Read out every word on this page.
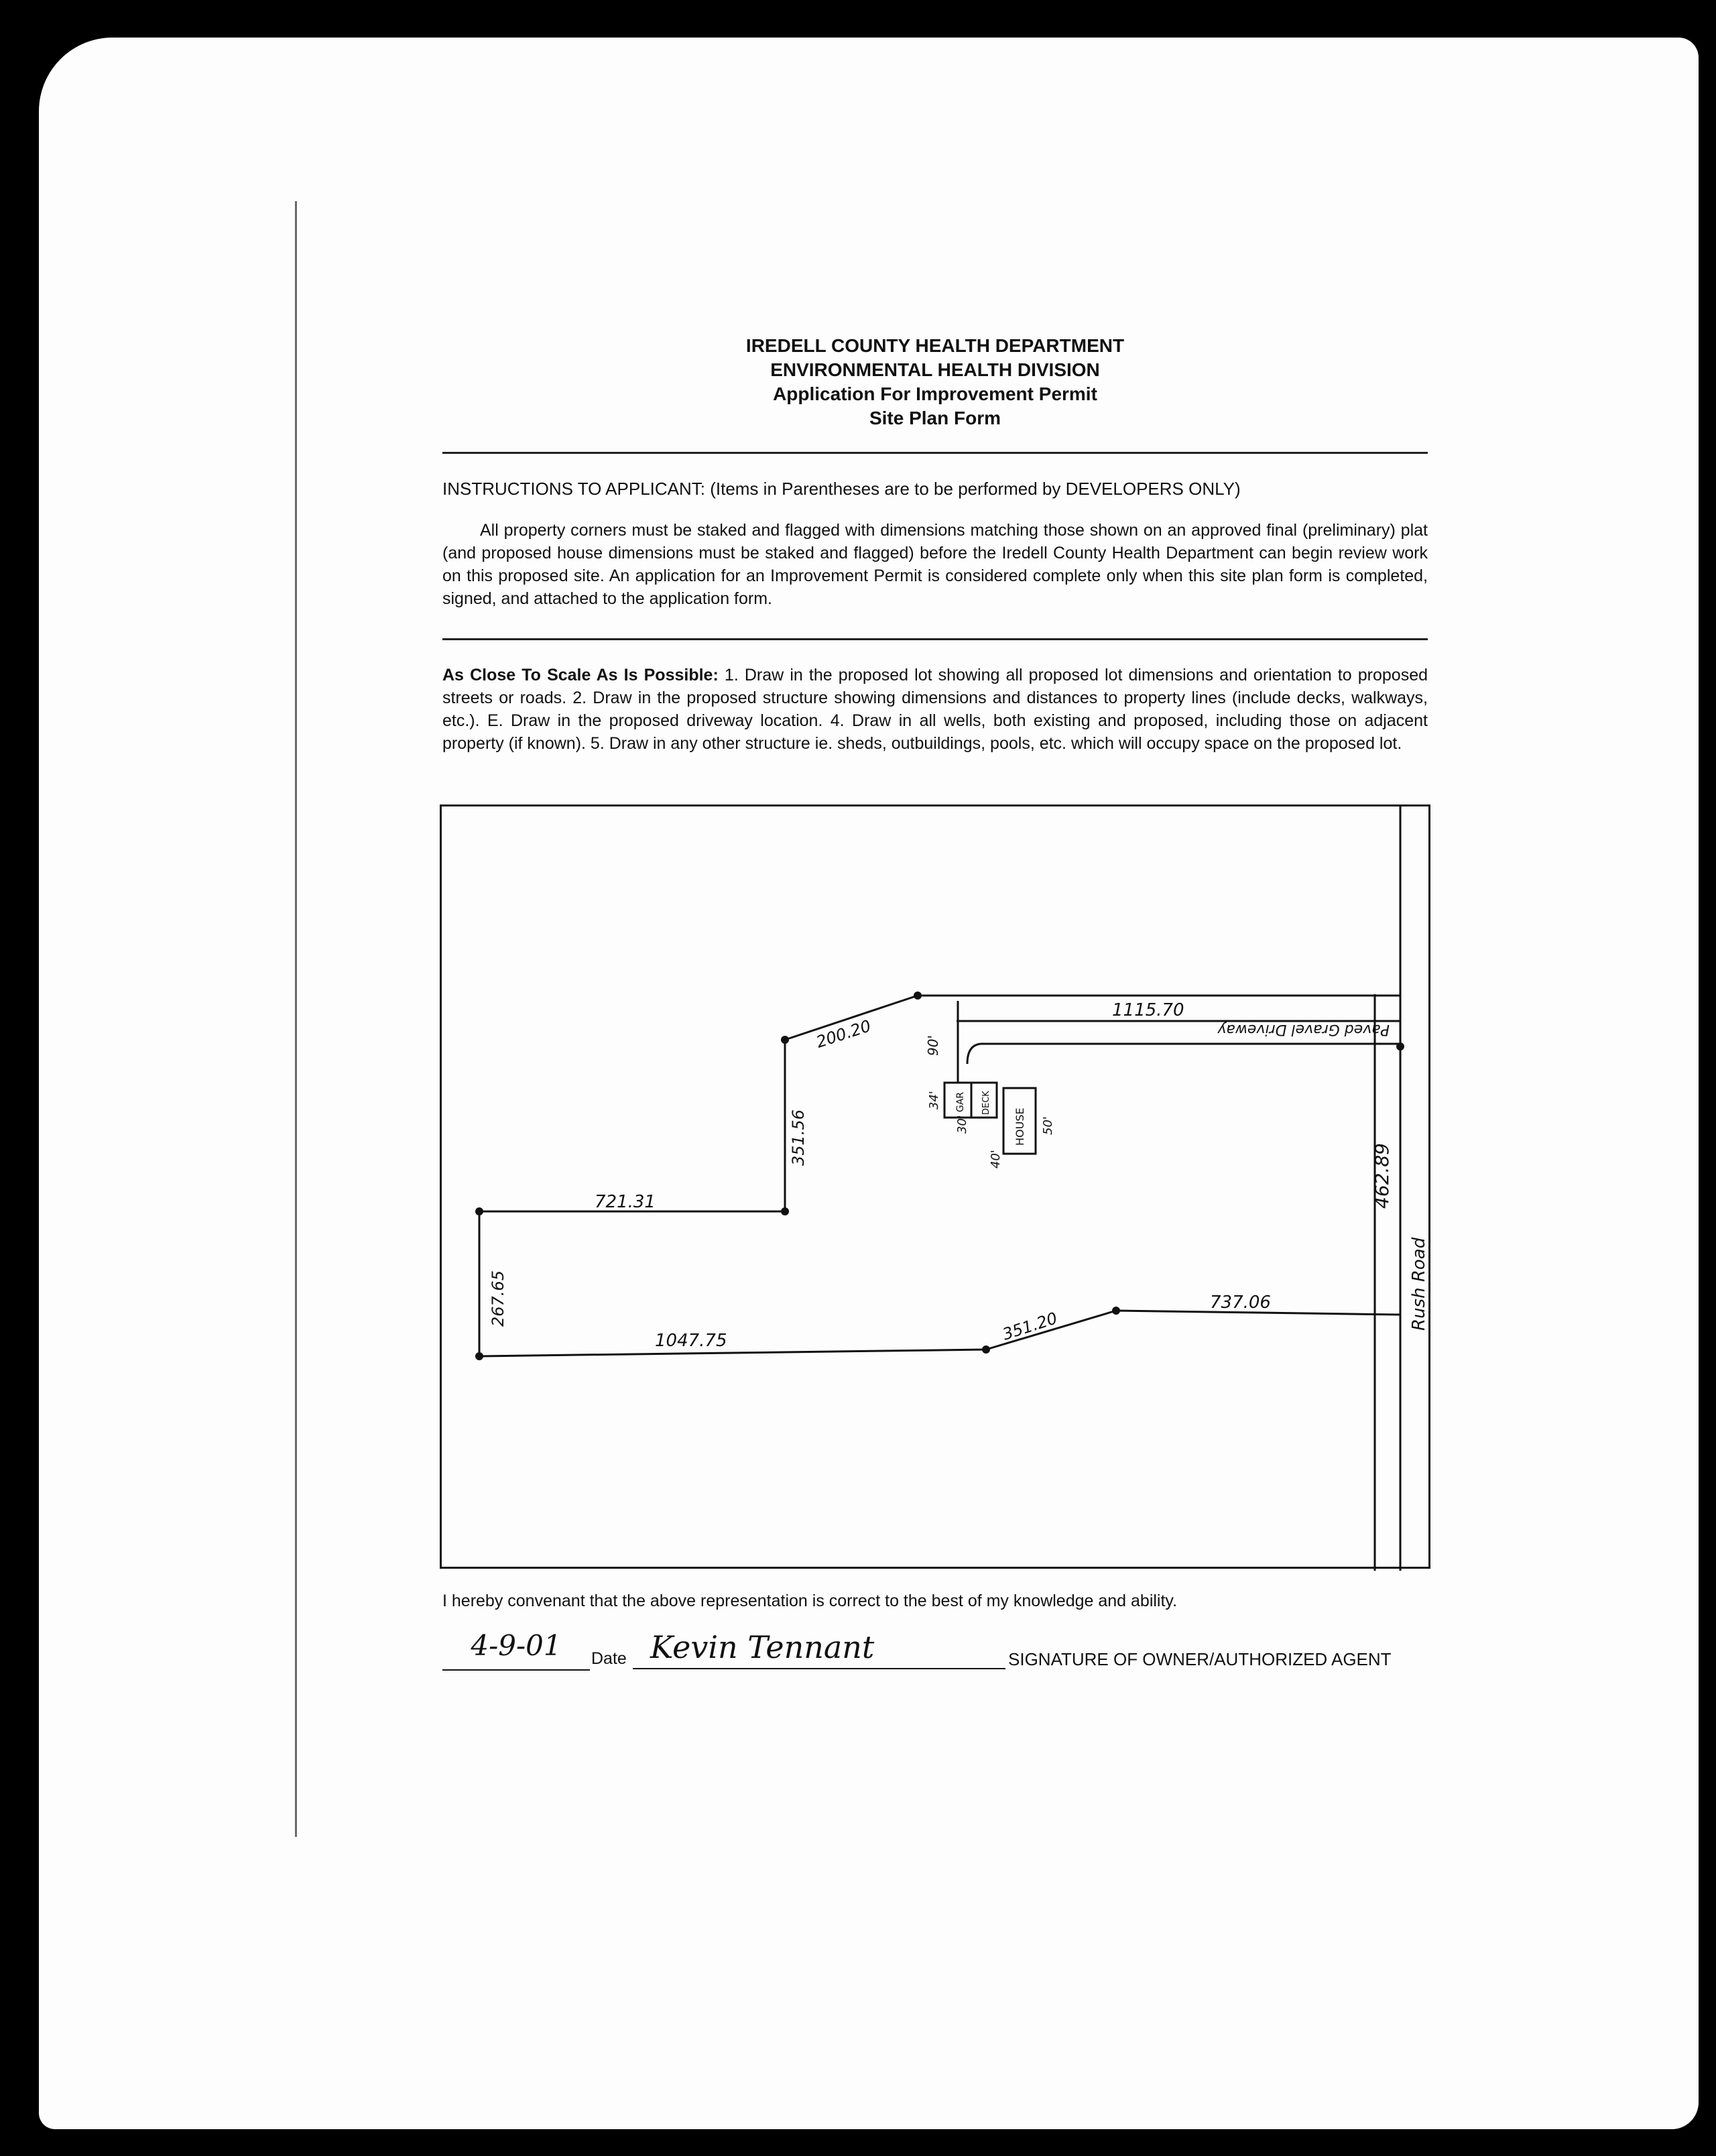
IREDELL COUNTY HEALTH DEPARTMENT
ENVIRONMENTAL HEALTH DIVISION
Application For Improvement Permit
Site Plan Form
INSTRUCTIONS TO APPLICANT: (Items in Parentheses are to be performed by DEVELOPERS ONLY)
All property corners must be staked and flagged with dimensions matching those shown on an approved final (preliminary) plat (and proposed house dimensions must be staked and flagged) before the Iredell County Health Department can begin review work on this proposed site. An application for an Improvement Permit is considered complete only when this site plan form is completed, signed, and attached to the application form.
As Close To Scale As Is Possible: 1. Draw in the proposed lot showing all proposed lot dimensions and orientation to proposed streets or roads. 2. Draw in the proposed structure showing dimensions and distances to property lines (include decks, walkways, etc.). E. Draw in the proposed driveway location. 4. Draw in all wells, both existing and proposed, including those on adjacent property (if known). 5. Draw in any other structure ie. sheds, outbuildings, pools, etc. which will occupy space on the proposed lot.
1115.70
200.20
351.56
721.31
267.65
1047.75	351.20
737.06
462.89
90'
34'
30'
40'
50'
Paved Gravel Driveway
Rush Road
GAR DECK
HOUSE
I hereby convenant that the above representation is correct to the best of my knowledge and ability.
4-9-01	Date Kevin Tennant	SIGNATURE OF OWNER/AUTHORIZED AGENT
